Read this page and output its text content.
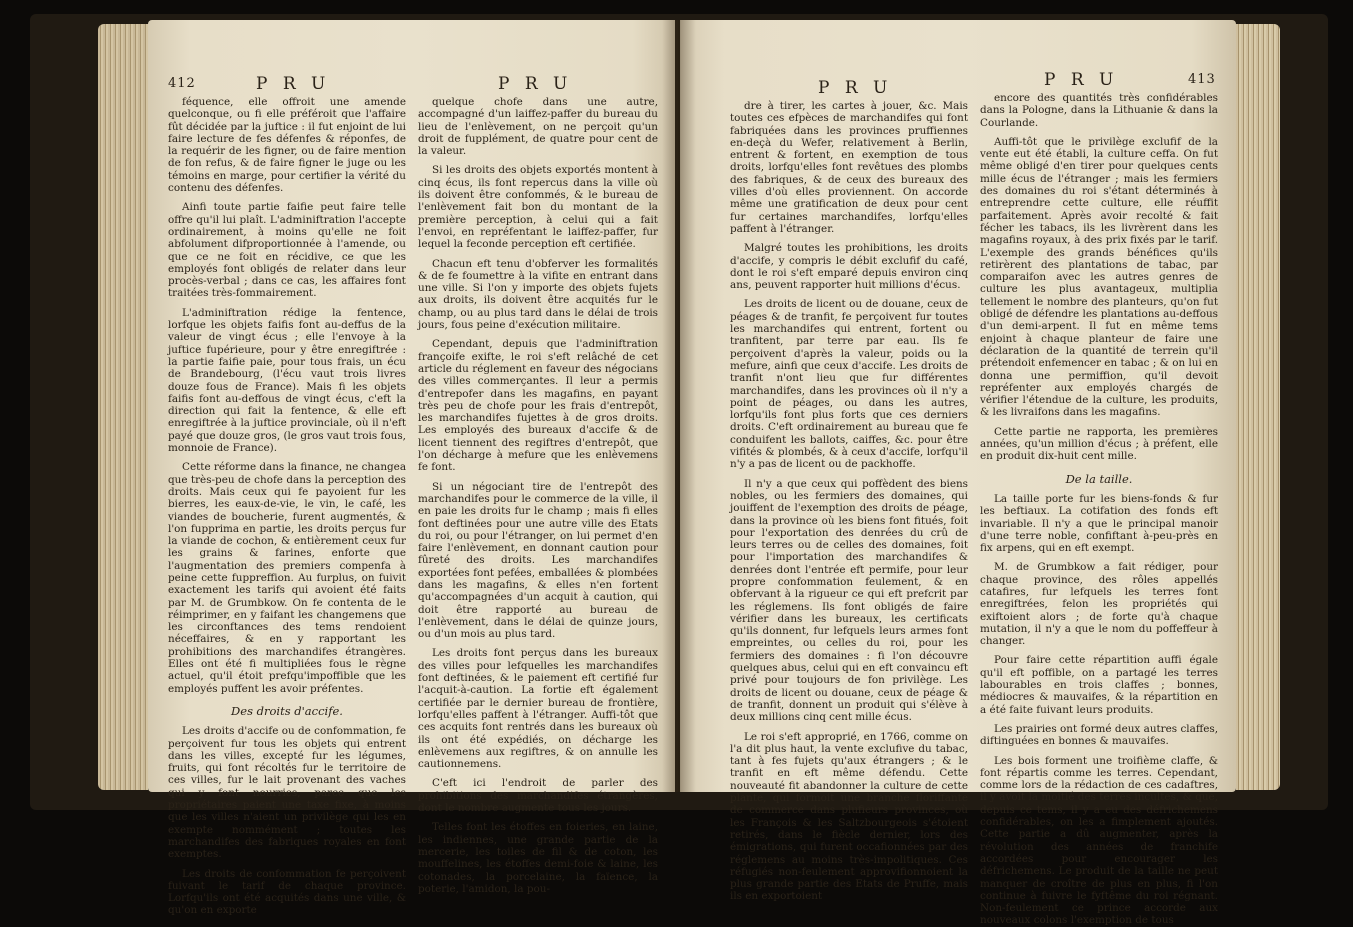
412	P R U	P R U

féquence, elle offroit une amende quelconque, ou fi elle préféroit que l'affaire fût décidée par la juftice : il fut enjoint de lui faire lecture de fes défenfes & réponfes, de la requérir de les figner, ou de faire mention de fon refus, & de faire figner le juge ou les témoins en marge, pour certifier la vérité du contenu des défenfes.

Ainfi toute partie faifie peut faire telle offre qu'il lui plaît. L'adminiftration l'accepte ordinairement, à moins qu'elle ne foit abfolument difproportionnée à l'amende, ou que ce ne foit en récidive, ce que les employés font obligés de relater dans leur procès-verbal ; dans ce cas, les affaires font traitées très-fommairement.

L'adminiftration rédige la fentence, lorfque les objets faifis font au-deffus de la valeur de vingt écus ; elle l'envoye à la juftice fupérieure, pour y être enregiftrée : la partie faifie paie, pour tous frais, un écu de Brandebourg, (l'écu vaut trois livres douze fous de France). Mais fi les objets faifis font au-deffous de vingt écus, c'eft la direction qui fait la fentence, & elle eft enregiftrée à la juftice provinciale, où il n'eft payé que douze gros, (le gros vaut trois fous, monnoie de France).

Cette réforme dans la finance, ne changea que très-peu de chofe dans la perception des droits. Mais ceux qui fe payoient fur les bierres, les eaux-de-vie, le vin, le café, les viandes de boucherie, furent augmentés, & l'on fupprima en partie, les droits perçus fur la viande de cochon, & entièrement ceux fur les grains & farines, enforte que l'augmentation des premiers compenfa à peine cette fuppreffion. Au furplus, on fuivit exactement les tarifs qui avoient été faits par M. de Grumbkow. On fe contenta de le réimprimer, en y faifant les changemens que les circonftances des tems rendoient néceffaires, & en y rapportant les prohibitions des marchandifes étrangères. Elles ont été fi multipliées fous le règne actuel, qu'il étoit prefqu'impoffible que les employés puffent les avoir préfentes.

Des droits d'accife.

Les droits d'accife ou de confommation, fe perçoivent fur tous les objets qui entrent dans les villes, excepté fur les légumes, fruits, qui font récoltés fur le territoire de ces villes, fur le lait provenant des vaches qui y font nourries, parce que les propriétaires paient une taxe fixe, à moins que les villes n'aient un privilège qui les en exempte nommément ; toutes les marchandifes des fabriques royales en font exemptes.

Les droits de confommation fe perçoivent fuivant le tarif de chaque province. Lorfqu'ils ont été acquités dans une ville, & qu'on en exporte

quelque chofe dans une autre, accompagné d'un laiffez-paffer du bureau du lieu de l'enlèvement, on ne perçoit qu'un droit de fupplément, de quatre pour cent de la valeur.

Si les droits des objets exportés montent à cinq écus, ils font repercus dans la ville où ils doivent être confommés, & le bureau de l'enlèvement fait bon du montant de la première perception, à celui qui a fait l'envoi, en repréfentant le laiffez-paffer, fur lequel la feconde perception eft certifiée.

Chacun eft tenu d'obferver les formalités & de fe foumettre à la vifite en entrant dans une ville. Si l'on y importe des objets fujets aux droits, ils doivent être acquités fur le champ, ou au plus tard dans le délai de trois jours, fous peine d'exécution militaire.

Cependant, depuis que l'adminiftration françoife exifte, le roi s'eft relâché de cet article du réglement en faveur des négocians des villes commerçantes. Il leur a permis d'entrepofer dans les magafins, en payant très peu de chofe pour les frais d'entrepôt, les marchandifes fujettes à de gros droits. Les employés des bureaux d'accife & de licent tiennent des regiftres d'entrepôt, que l'on décharge à mefure que les enlèvemens fe font.

Si un négociant tire de l'entrepôt des marchandifes pour le commerce de la ville, il en paie les droits fur le champ ; mais fi elles font deftinées pour une autre ville des Etats du roi, ou pour l'étranger, on lui permet d'en faire l'enlèvement, en donnant caution pour fûreté des droits. Les marchandifes exportées font pefées, emballées & plombées dans les magafins, & elles n'en fortent qu'accompagnées d'un acquit à caution, qui doit être rapporté au bureau de l'enlèvement, dans le délai de quinze jours, ou d'un mois au plus tard.

Les droits font perçus dans les bureaux des villes pour lefquelles les marchandifes font deftinées, & le paiement eft certifié fur l'acquit-à-caution. La fortie eft également certifiée par le dernier bureau de frontière, lorfqu'elles paffent à l'étranger. Auffi-tôt que ces acquits font rentrés dans les bureaux où ils ont été expédiés, on décharge les enlèvemens aux regiftres, & on annulle les cautionnemens.

C'eft ici l'endroit de parler des prohibitions des marchandifes étrangères, dont le nombre augmente tous les jours.

Telles font les étoffes en foieries, en laine, les indiennes, une grande partie de la mercerie, les toiles de fil & de coton, les mouffelines, les étoffes demi-foie & laine, les cotonades, la porcelaine, la faïence, la poterie, l'amidon, la pou-

P R U	P R U	413

dre à tirer, les cartes à jouer, &c. Mais toutes ces efpèces de marchandifes qui font fabriquées dans les provinces pruffiennes en-deçà du Wefer, relativement à Berlin, entrent & fortent, en exemption de tous droits, lorfqu'elles font revêtues des plombs des fabriques, & de ceux des bureaux des villes d'où elles proviennent. On accorde même une gratification de deux pour cent fur certaines marchandifes, lorfqu'elles paffent à l'étranger.

Malgré toutes les prohibitions, les droits d'accife, y compris le débit exclufif du café, dont le roi s'eft emparé depuis environ cinq ans, peuvent rapporter huit millions d'écus.

Les droits de licent ou de douane, ceux de péages & de tranfit, fe perçoivent fur toutes les marchandifes qui entrent, fortent ou tranfitent, par terre par eau. Ils fe perçoivent d'après la valeur, poids ou la mefure, ainfi que ceux d'accife. Les droits de tranfit n'ont lieu que fur différentes marchandifes, dans les provinces où il n'y a point de péages, ou dans les autres, lorfqu'ils font plus forts que ces derniers droits. C'eft ordinairement au bureau que fe conduifent les ballots, caiffes, &c. pour être vifités & plombés, & à ceux d'accife, lorfqu'il n'y a pas de licent ou de packhoffe.

Il n'y a que ceux qui poffèdent des biens nobles, ou les fermiers des domaines, qui jouiffent de l'exemption des droits de péage, dans la province où les biens font fitués, foit pour l'exportation des denrées du crû de leurs terres ou de celles des domaines, foit pour l'importation des marchandifes & denrées dont l'entrée eft permife, pour leur propre confommation feulement, & en obfervant à la rigueur ce qui eft prefcrit par les réglemens. Ils font obligés de faire vérifier dans les bureaux, les certificats qu'ils donnent, fur lefquels leurs armes font empreintes, ou celles du roi, pour les fermiers des domaines : fi l'on découvre quelques abus, celui qui en eft convaincu eft privé pour toujours de fon privilège. Les droits de licent ou douane, ceux de péage & de tranfit, donnent un produit qui s'élève à deux millions cinq cent mille écus.

Le roi s'eft approprié, en 1766, comme on l'a dit plus haut, la vente exclufive du tabac, tant à fes fujets qu'aux étrangers ; & le tranfit en eft même défendu. Cette nouveauté fit abandonner la culture de cette plante, qui formoit une branche floriffante de commerce dans plufieurs provinces, où les François & les Saltzbourgeois s'étoient retirés, dans le fiècle dernier, lors des émigrations, qui furent occafionnées par des réglemens au moins très-impolitiques. Ces réfugiés non-feulement approvifionnoient la plus grande partie des Etats de Pruffe, mais ils en exportoient

encore des quantités très confidérables dans la Pologne, dans la Lithuanie & dans la Courlande.

Auffi-tôt que le privilège exclufif de la vente eut été établi, la culture ceffa. On fut même obligé d'en tirer pour quelques cents mille écus de l'étranger ; mais les fermiers des domaines du roi s'étant déterminés à entreprendre cette culture, elle réuffit parfaitement. Après avoir recolté & fait fécher les tabacs, ils les livrèrent dans les magafins royaux, à des prix fixés par le tarif. L'exemple des grands bénéfices qu'ils retirèrent des plantations de tabac, par comparaifon avec les autres genres de culture les plus avantageux, multiplia tellement le nombre des planteurs, qu'on fut obligé de défendre les plantations au-deffous d'un demi-arpent. Il fut en même tems enjoint à chaque planteur de faire une déclaration de la quantité de terrein qu'il prétendoit enfemencer en tabac ; & on lui en donna une permiffion, qu'il devoit repréfenter aux employés chargés de vérifier l'étendue de la culture, les produits, & les livraifons dans les magafins.

Cette partie ne rapporta, les premières années, qu'un million d'écus ; à préfent, elle en produit dix-huit cent mille.

De la taille.

La taille porte fur les biens-fonds & fur les beftiaux. La cotifation des fonds eft invariable. Il n'y a que le principal manoir d'une terre noble, confiftant à-peu-près en fix arpens, qui en eft exempt.

M. de Grumbkow a fait rédiger, pour chaque province, des rôles appellés catafires, fur lefquels les terres font enregiftrées, felon les propriétés qui exiftoient alors ; de forte qu'à chaque mutation, il n'y a que le nom du poffeffeur à changer.

Pour faire cette répartition auffi égale qu'il eft poffible, on a partagé les terres labourables en trois claffes ; bonnes, médiocres & mauvaifes, & la répartition en a été faite fuivant leurs produits.

Les prairies ont formé deux autres claffes, diftinguées en bonnes & mauvaifes.

Les bois forment une troifième claffe, & font répartis comme les terres. Cependant, comme lors de la rédaction de ces cadaftres, il y avoit la moitié des terres incultes, & que, depuis ce tems, il y a eu des défrichemens confidérables, on les a fimplement ajoutés. Cette partie a dû augmenter, après la révolution des années de franchife accordées pour encourager les défrichemens. Le produit de la taille ne peut manquer de croître de plus en plus, fi l'on continue à fuivre le fyftême du roi régnant. Non-feulement ce prince accorde aux nouveaux colons l'exemption de tous
